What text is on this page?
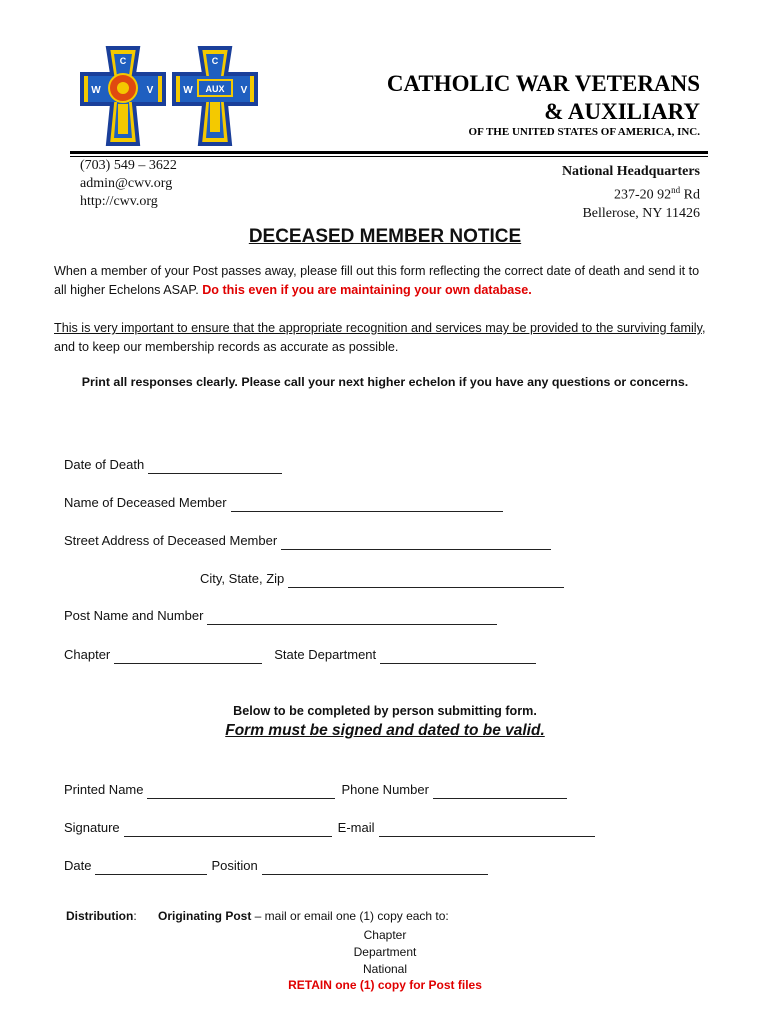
C
W	V
C
W AUX V	CATHOLIC WAR VETERANS
& AUXILIARY
OF THE UNITED STATES OF AMERICA, INC.
(703) 549 – 3622
admin@cwv.org
http://cwv.org
National Headquarters
237-20 92nd Rd
Bellerose, NY 11426
DECEASED MEMBER NOTICE
When a member of your Post passes away, please fill out this form reflecting the correct date of death and send it to all higher Echelons ASAP. Do this even if you are maintaining your own database.
This is very important to ensure that the appropriate recognition and services may be provided to the surviving family, and to keep our membership records as accurate as possible.
Print all responses clearly. Please call your next higher echelon if you have any questions or concerns.
Date of Death
Name of Deceased Member
Street Address of Deceased Member
City, State, Zip
Post Name and Number
Chapter	State Department
Below to be completed by person submitting form.
Form must be signed and dated to be valid.
Printed Name	Phone Number
Signature	E-mail
Date	Position
Distribution: Originating Post – mail or email one (1) copy each to:
Chapter
Department
National
RETAIN one (1) copy for Post files
